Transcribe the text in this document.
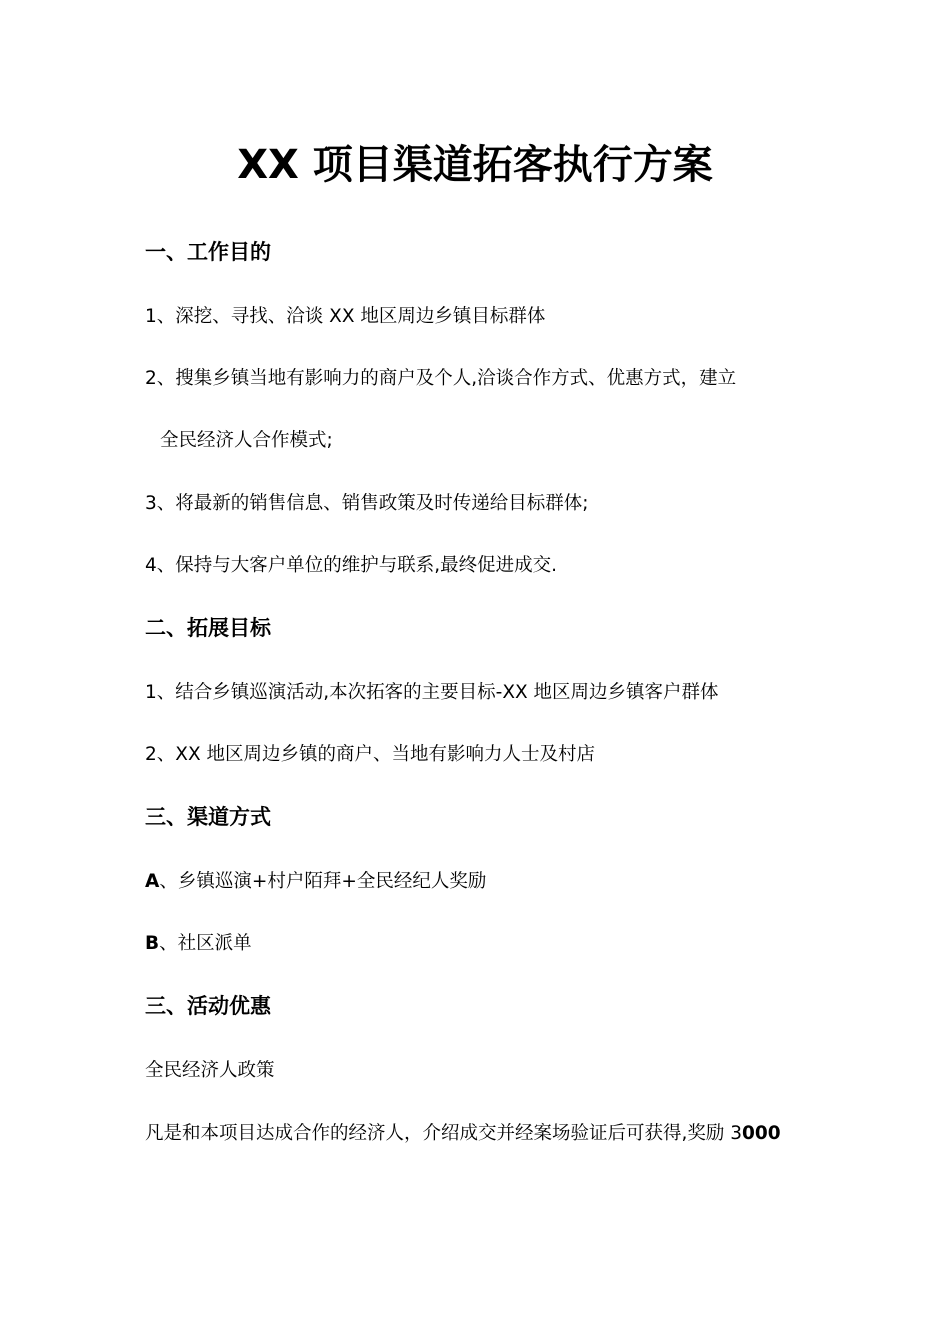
XX 项目渠道拓客执行方案
一、工作目的
1、深挖、寻找、洽谈 XX 地区周边乡镇目标群体
2、搜集乡镇当地有影响力的商户及个人,洽谈合作方式、优惠方式，建立
全民经济人合作模式;
3、将最新的销售信息、销售政策及时传递给目标群体;
4、保持与大客户单位的维护与联系,最终促进成交.
二、拓展目标
1、结合乡镇巡演活动,本次拓客的主要目标-XX 地区周边乡镇客户群体
2、XX 地区周边乡镇的商户、当地有影响力人士及村店
三、渠道方式
A、乡镇巡演+村户陌拜+全民经纪人奖励
B、社区派单
三、活动优惠
全民经济人政策
凡是和本项目达成合作的经济人，介绍成交并经案场验证后可获得,奖励 3000
